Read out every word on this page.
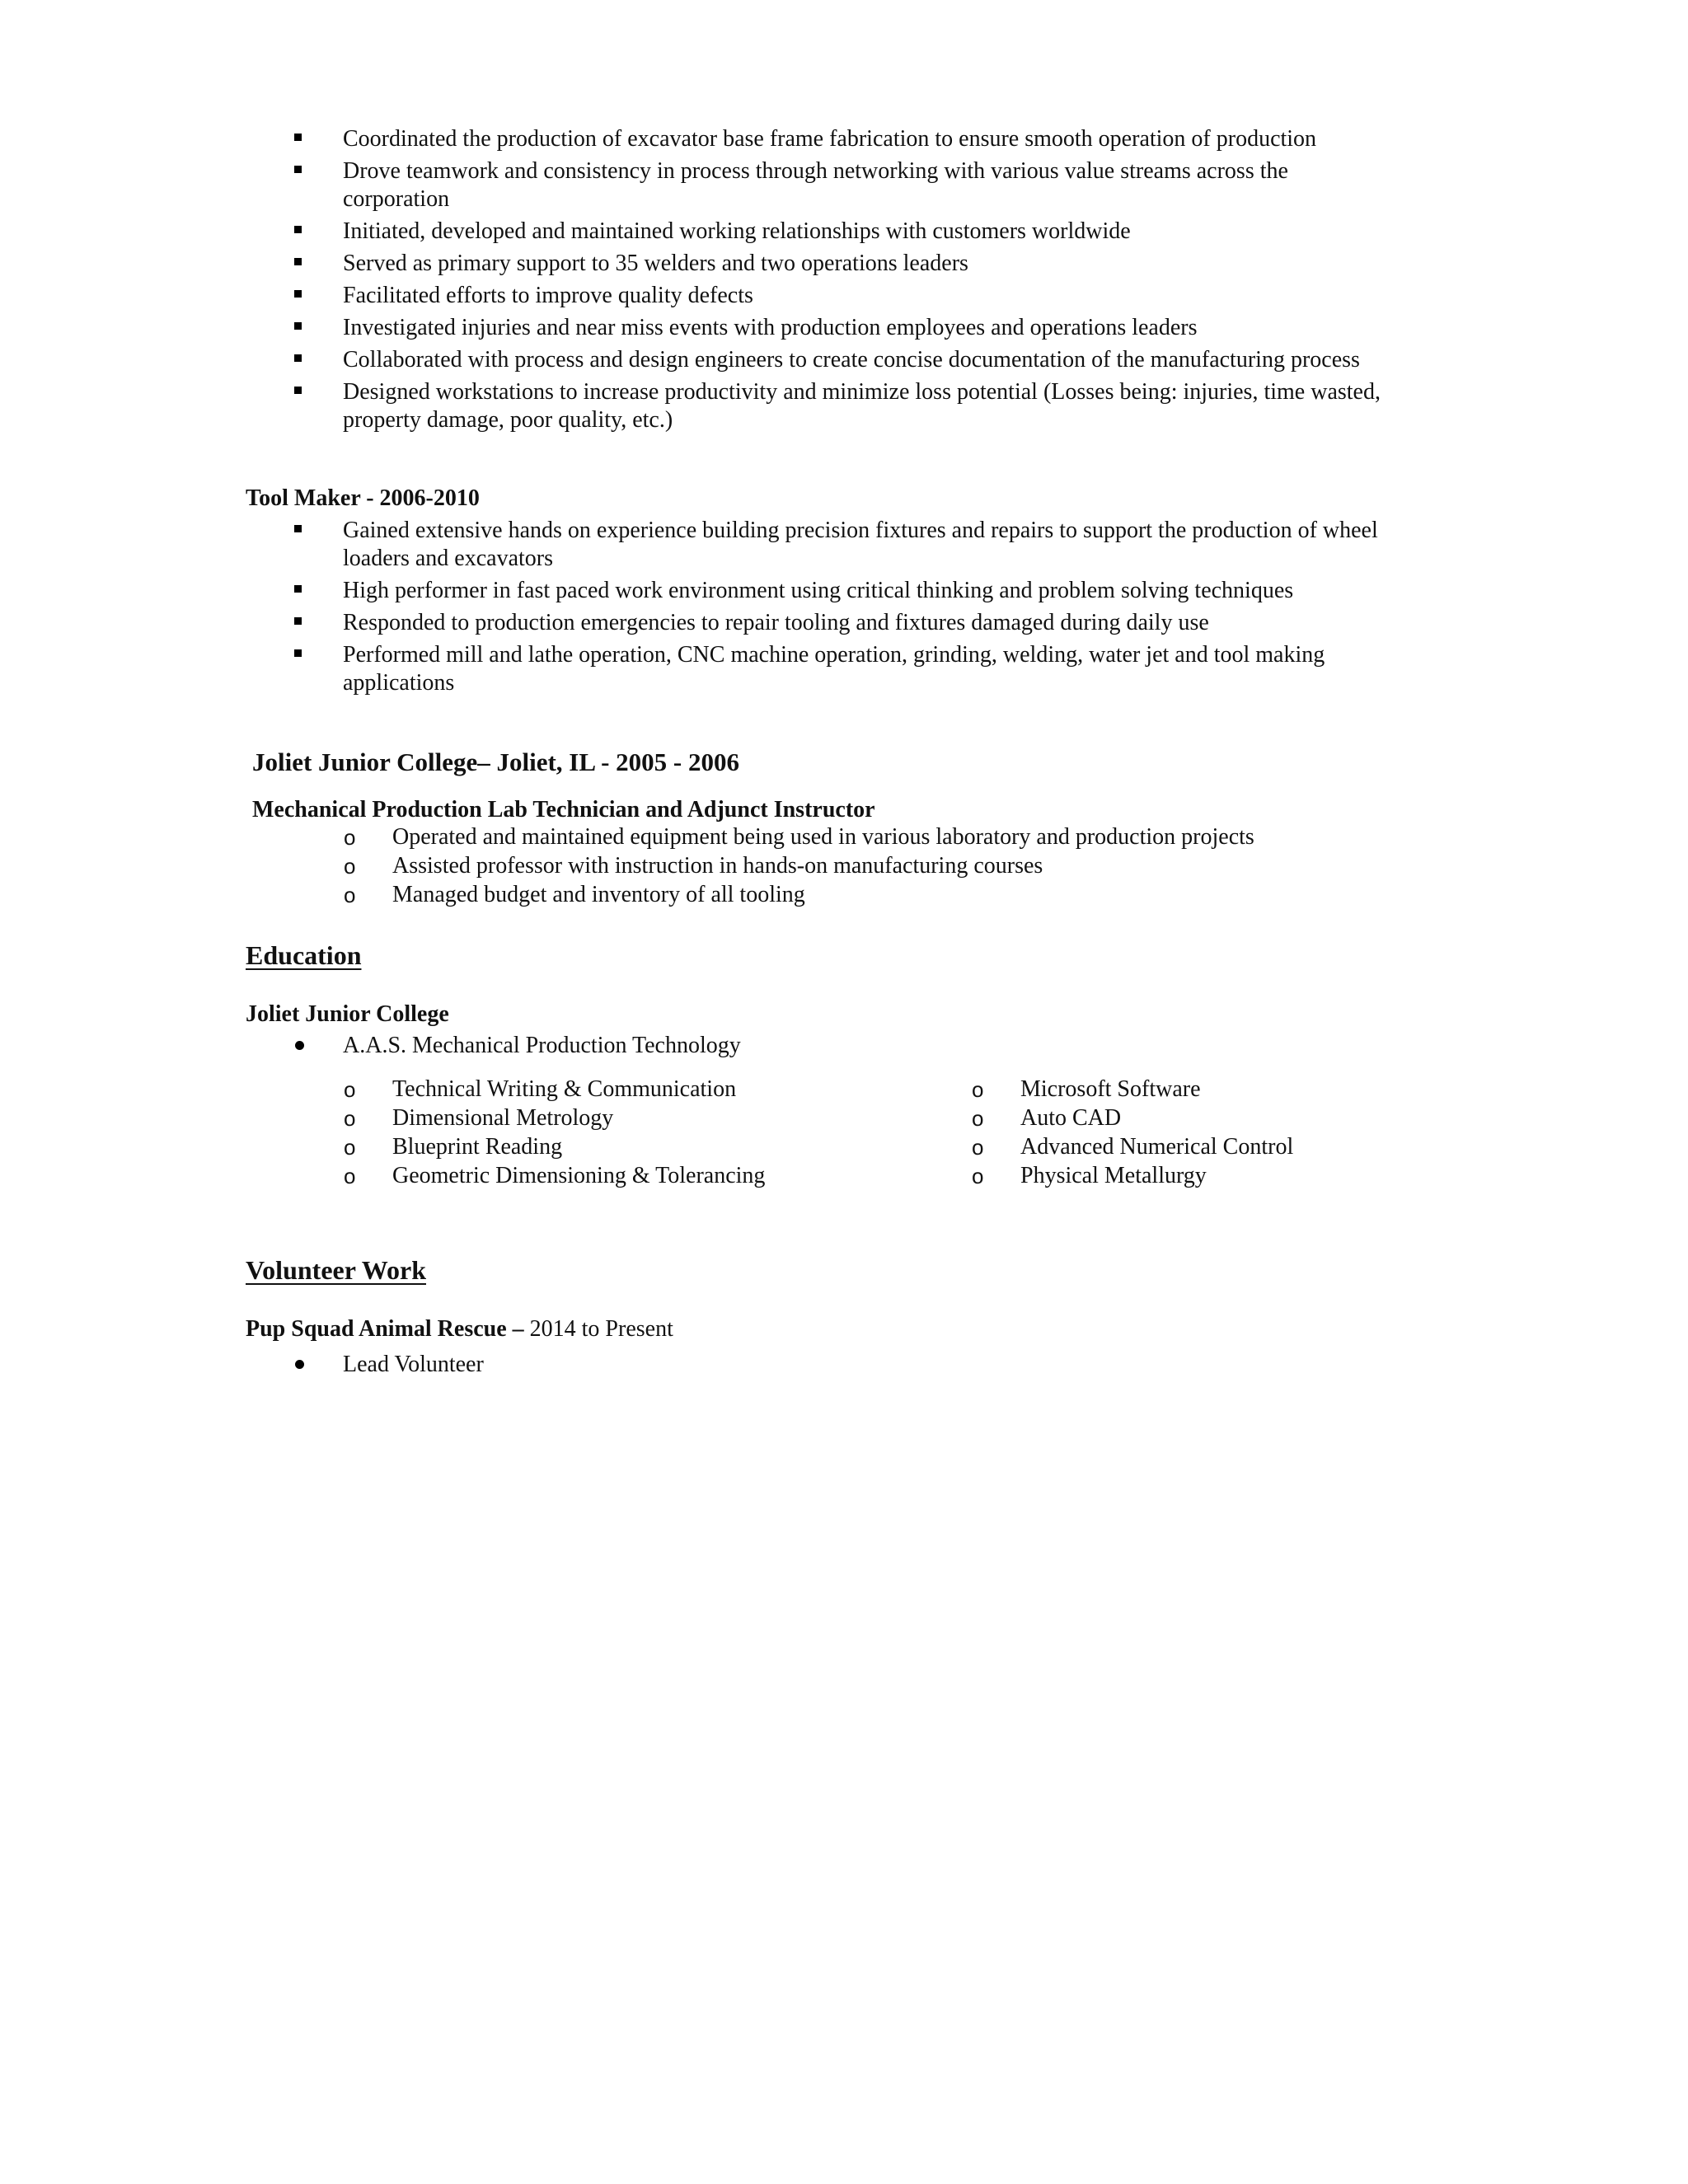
Coordinated the production of excavator base frame fabrication to ensure smooth operation of production
Drove teamwork and consistency in process through networking with various value streams across the
corporation
Initiated, developed and maintained working relationships with customers worldwide
Served as primary support to 35 welders and two operations leaders
Facilitated efforts to improve quality defects
Investigated injuries and near miss events with production employees and operations leaders
Collaborated with process and design engineers to create concise documentation of the manufacturing process
Designed workstations to increase productivity and minimize loss potential (Losses being: injuries, time wasted,
property damage, poor quality, etc.)
Tool Maker - 2006-2010
Gained extensive hands on experience building precision fixtures and repairs to support the production of wheel
loaders and excavators
High performer in fast paced work environment using critical thinking and problem solving techniques
Responded to production emergencies to repair tooling and fixtures damaged during daily use
Performed mill and lathe operation, CNC machine operation, grinding, welding, water jet and tool making
applications
Joliet Junior College– Joliet, IL - 2005 - 2006
Mechanical Production Lab Technician and Adjunct Instructor
o Operated and maintained equipment being used in various laboratory and production projects
o Assisted professor with instruction in hands-on manufacturing courses
o Managed budget and inventory of all tooling
Education
Joliet Junior College
A.A.S. Mechanical Production Technology
o Technical Writing & Communication
o Dimensional Metrology
o Blueprint Reading
o Geometric Dimensioning & Tolerancing
o Microsoft Software
o Auto CAD
o Advanced Numerical Control
o Physical Metallurgy
Volunteer Work
Pup Squad Animal Rescue – 2014 to Present
Lead Volunteer
